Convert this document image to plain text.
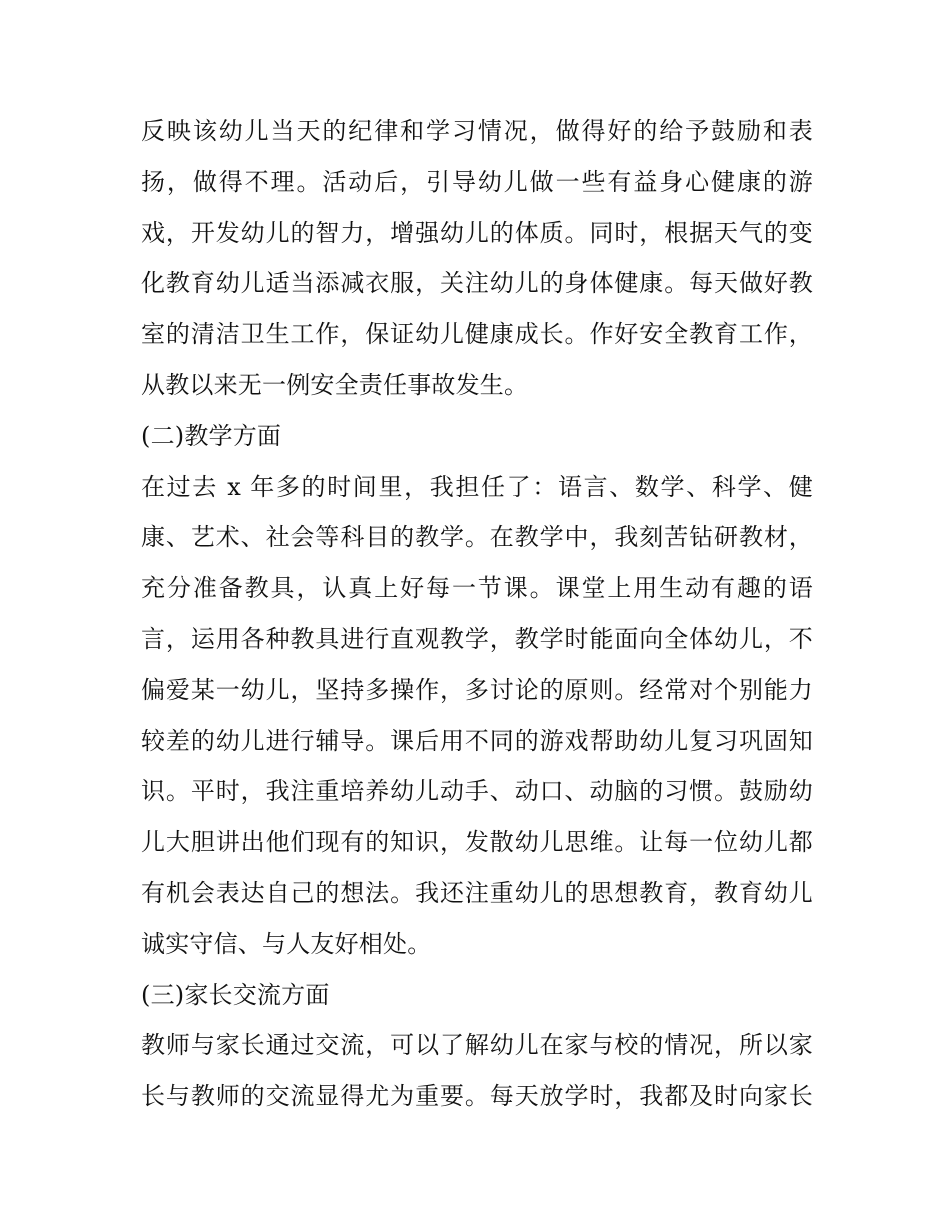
反映该幼儿当天的纪律和学习情况，做得好的给予鼓励和表
扬，做得不理。活动后，引导幼儿做一些有益身心健康的游
戏，开发幼儿的智力，增强幼儿的体质。同时，根据天气的变
化教育幼儿适当添减衣服，关注幼儿的身体健康。每天做好教
室的清洁卫生工作，保证幼儿健康成长。作好安全教育工作，
从教以来无一例安全责任事故发生。
(二)教学方面
在过去 x 年多的时间里，我担任了：语言、数学、科学、健
康、艺术、社会等科目的教学。在教学中，我刻苦钻研教材，
充分准备教具，认真上好每一节课。课堂上用生动有趣的语
言，运用各种教具进行直观教学，教学时能面向全体幼儿，不
偏爱某一幼儿，坚持多操作，多讨论的原则。经常对个别能力
较差的幼儿进行辅导。课后用不同的游戏帮助幼儿复习巩固知
识。平时，我注重培养幼儿动手、动口、动脑的习惯。鼓励幼
儿大胆讲出他们现有的知识，发散幼儿思维。让每一位幼儿都
有机会表达自己的想法。我还注重幼儿的思想教育，教育幼儿
诚实守信、与人友好相处。
(三)家长交流方面
教师与家长通过交流，可以了解幼儿在家与校的情况，所以家
长与教师的交流显得尤为重要。每天放学时，我都及时向家长
